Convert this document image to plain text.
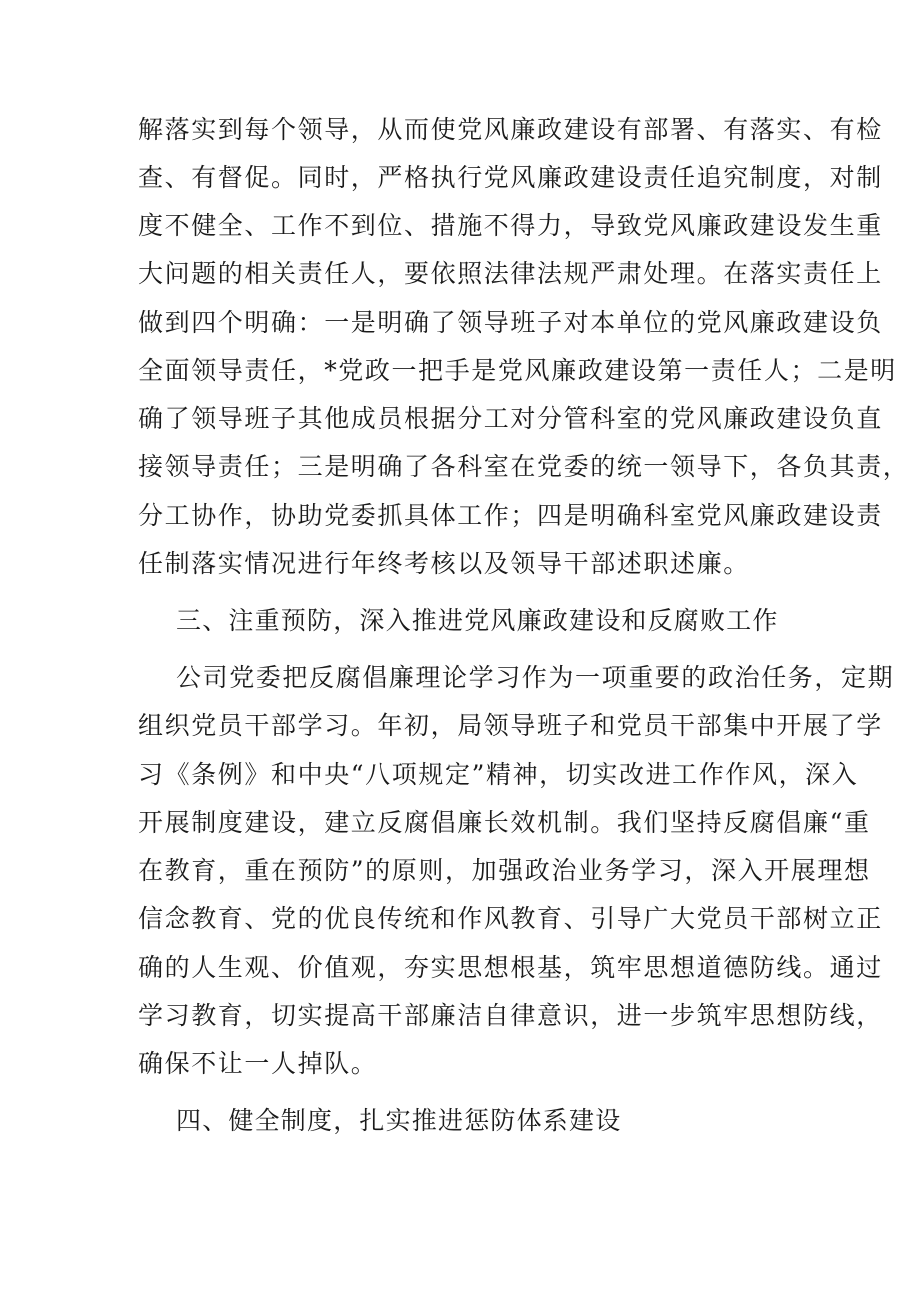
解落实到每个领导，从而使党风廉政建设有部署、有落实、有检
查、有督促。同时，严格执行党风廉政建设责任追究制度，对制
度不健全、工作不到位、措施不得力，导致党风廉政建设发生重
大问题的相关责任人，要依照法律法规严肃处理。在落实责任上
做到四个明确：一是明确了领导班子对本单位的党风廉政建设负
全面领导责任，*党政一把手是党风廉政建设第一责任人；二是明
确了领导班子其他成员根据分工对分管科室的党风廉政建设负直
接领导责任；三是明确了各科室在党委的统一领导下，各负其责，
分工协作，协助党委抓具体工作；四是明确科室党风廉政建设责
任制落实情况进行年终考核以及领导干部述职述廉。
三、注重预防，深入推进党风廉政建设和反腐败工作
公司党委把反腐倡廉理论学习作为一项重要的政治任务，定期
组织党员干部学习。年初，局领导班子和党员干部集中开展了学
习《条例》和中央“八项规定”精神，切实改进工作作风，深入
开展制度建设，建立反腐倡廉长效机制。我们坚持反腐倡廉“重
在教育，重在预防”的原则，加强政治业务学习，深入开展理想
信念教育、党的优良传统和作风教育、引导广大党员干部树立正
确的人生观、价值观，夯实思想根基，筑牢思想道德防线。通过
学习教育，切实提高干部廉洁自律意识，进一步筑牢思想防线，
确保不让一人掉队。
四、健全制度，扎实推进惩防体系建设
